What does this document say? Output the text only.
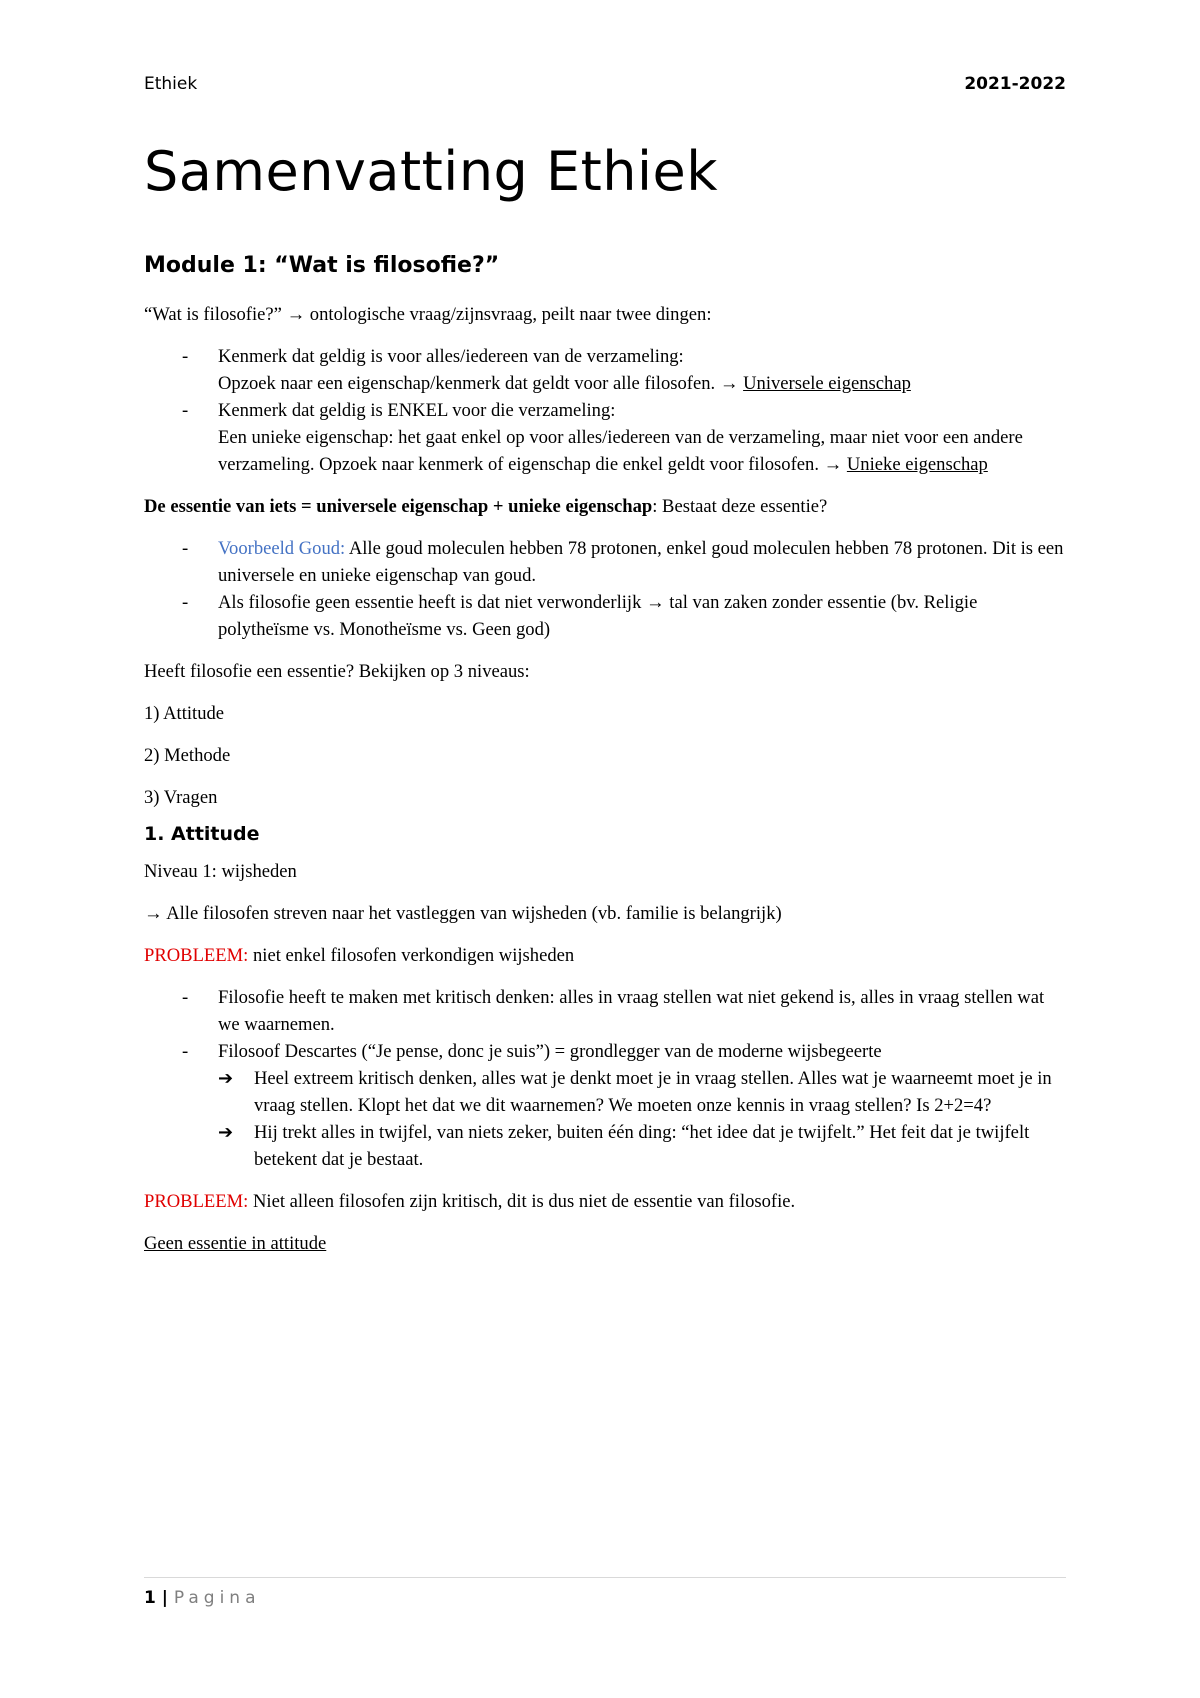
Ethiek	2021-2022
Samenvatting Ethiek
Module 1: “Wat is filosofie?”

“Wat is filosofie?” → ontologische vraag/zijnsvraag, peilt naar twee dingen:

- Kenmerk dat geldig is voor alles/iedereen van de verzameling:
Opzoek naar een eigenschap/kenmerk dat geldt voor alle filosofen. → Universele eigenschap
- Kenmerk dat geldig is ENKEL voor die verzameling:
Een unieke eigenschap: het gaat enkel op voor alles/iedereen van de verzameling, maar niet voor een andere verzameling. Opzoek naar kenmerk of eigenschap die enkel geldt voor filosofen. → Unieke eigenschap

De essentie van iets = universele eigenschap + unieke eigenschap: Bestaat deze essentie?

- Voorbeeld Goud: Alle goud moleculen hebben 78 protonen, enkel goud moleculen hebben 78 protonen. Dit is een universele en unieke eigenschap van goud.
- Als filosofie geen essentie heeft is dat niet verwonderlijk → tal van zaken zonder essentie (bv. Religie polytheïsme vs. Monotheïsme vs. Geen god)

Heeft filosofie een essentie? Bekijken op 3 niveaus:

1) Attitude

2) Methode

3) Vragen

1. Attitude

Niveau 1: wijsheden

→ Alle filosofen streven naar het vastleggen van wijsheden (vb. familie is belangrijk)

PROBLEEM: niet enkel filosofen verkondigen wijsheden

- Filosofie heeft te maken met kritisch denken: alles in vraag stellen wat niet gekend is, alles in vraag stellen wat we waarnemen.
- Filosoof Descartes (“Je pense, donc je suis”) = grondlegger van de moderne wijsbegeerte
➔ Heel extreem kritisch denken, alles wat je denkt moet je in vraag stellen. Alles wat je waarneemt moet je in vraag stellen. Klopt het dat we dit waarnemen? We moeten onze kennis in vraag stellen? Is 2+2=4?
➔ Hij trekt alles in twijfel, van niets zeker, buiten één ding: “het idee dat je twijfelt.” Het feit dat je twijfelt betekent dat je bestaat.

PROBLEEM: Niet alleen filosofen zijn kritisch, dit is dus niet de essentie van filosofie.

Geen essentie in attitude

1 | Pagina
